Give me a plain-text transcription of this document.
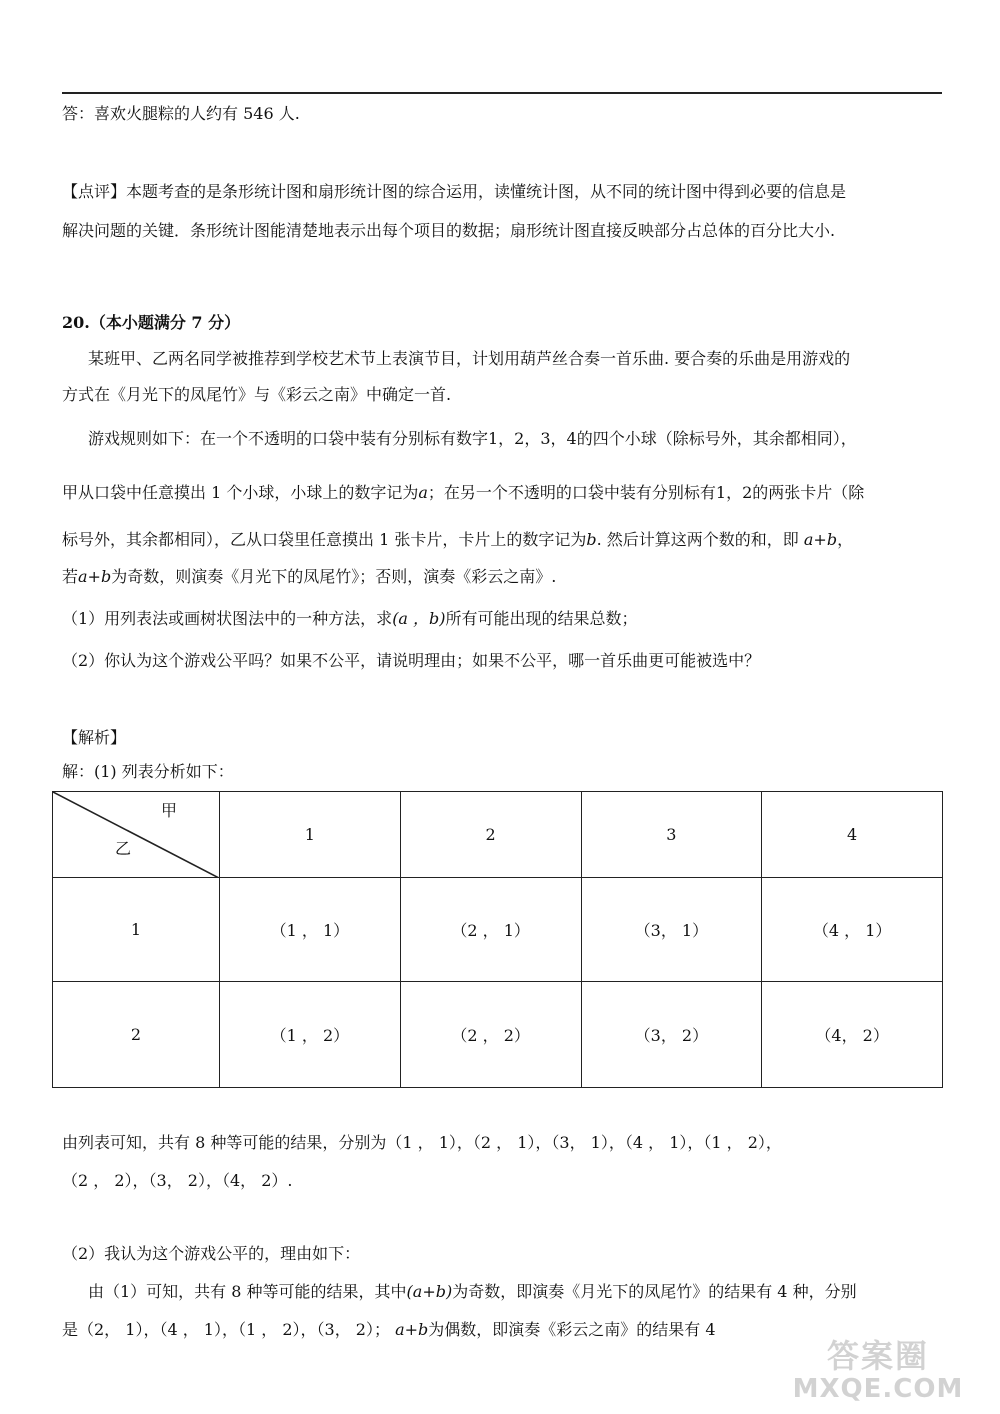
答：喜欢火腿粽的人约有 546 人.
【点评】本题考查的是条形统计图和扇形统计图的综合运用，读懂统计图，从不同的统计图中得到必要的信息是
解决问题的关键．条形统计图能清楚地表示出每个项目的数据；扇形统计图直接反映部分占总体的百分比大小.
20.（本小题满分 7 分）
某班甲、乙两名同学被推荐到学校艺术节上表演节目，计划用葫芦丝合奏一首乐曲. 要合奏的乐曲是用游戏的
方式在《月光下的凤尾竹》与《彩云之南》中确定一首.
游戏规则如下：在一个不透明的口袋中装有分别标有数字1，2，3，4的四个小球（除标号外，其余都相同），
甲从口袋中任意摸出 1 个小球，小球上的数字记为a；在另一个不透明的口袋中装有分别标有1，2的两张卡片（除
标号外，其余都相同），乙从口袋里任意摸出 1 张卡片，卡片上的数字记为b. 然后计算这两个数的和，即 a+b，
若a+b为奇数，则演奏《月光下的凤尾竹》；否则，演奏《彩云之南》.
（1）用列表法或画树状图法中的一种方法，求(a ，b)所有可能出现的结果总数；
（2）你认为这个游戏公平吗？如果不公平，请说明理由；如果不公平，哪一首乐曲更可能被选中？
【解析】
解：(1) 列表分析如下：
甲
乙	1	2	3	4
1	（1 ， 1）	（2 ， 1）	（3， 1）	（4 ， 1）
2	（1 ， 2）	（2 ， 2）	（3， 2）	（4， 2）
由列表可知，共有 8 种等可能的结果，分别为（1 ， 1），（2 ， 1），（3， 1），（4 ， 1），（1 ， 2），
（2 ， 2），（3， 2），（4， 2）.
（2）我认为这个游戏公平的，理由如下：
由（1）可知，共有 8 种等可能的结果，其中(a+b)为奇数，即演奏《月光下的凤尾竹》的结果有 4 种，分别
是（2， 1），（4 ， 1），（1 ， 2），（3， 2）； a+b为偶数，即演奏《彩云之南》的结果有 4
答案圈
MXQE.COM
